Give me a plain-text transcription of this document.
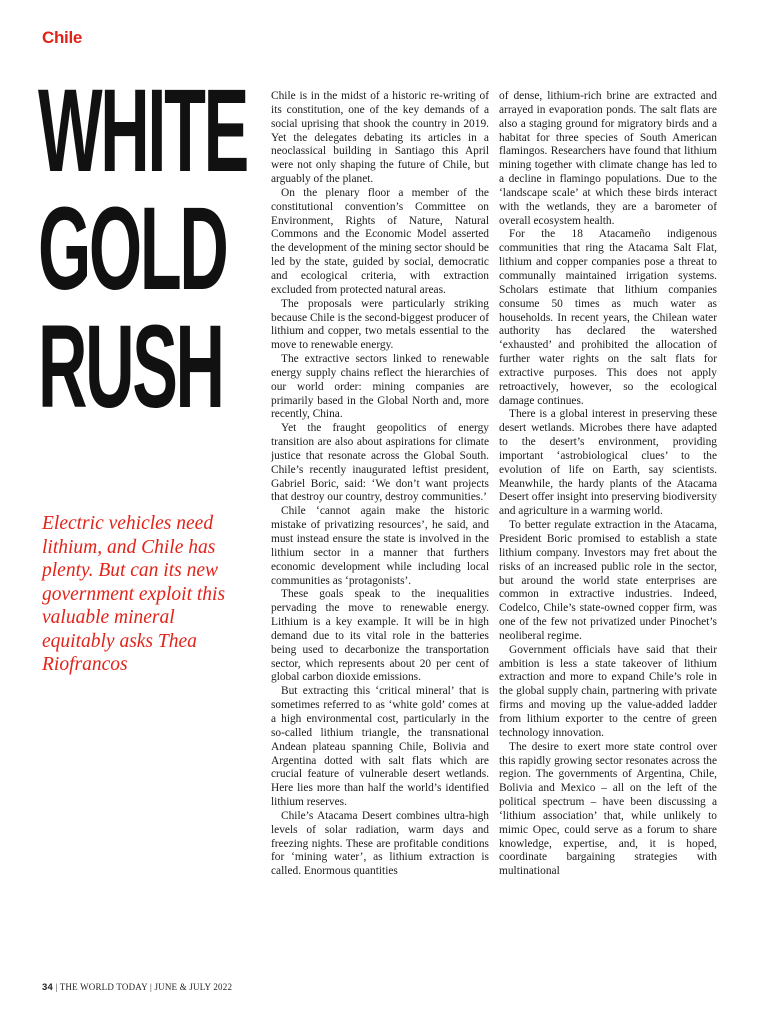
Chile
WHITE
GOLD
RUSH
Electric vehicles need lithium, and Chile has plenty. But can its new government exploit this valuable mineral equitably asks Thea Riofrancos

Chile is in the midst of a historic re-writing of its constitution, one of the key demands of a social uprising that shook the country in 2019. Yet the delegates debating its articles in a neoclassical building in Santiago this April were not only shaping the future of Chile, but arguably of the planet.

On the plenary floor a member of the constitutional convention’s Committee on Environment, Rights of Nature, Natural Commons and the Economic Model asserted the development of the mining sector should be led by the state, guided by social, democratic and ecological criteria, with extraction excluded from protected natural areas.

The proposals were particularly striking because Chile is the second-biggest producer of lithium and copper, two metals essential to the move to renewable energy.

The extractive sectors linked to renewable energy supply chains reflect the hierarchies of our world order: mining companies are primarily based in the Global North and, more recently, China.

Yet the fraught geopolitics of energy transition are also about aspirations for climate justice that resonate across the Global South. Chile’s recently inaugurated leftist president, Gabriel Boric, said: ‘We don’t want projects that destroy our country, destroy communities.’

Chile ‘cannot again make the historic mistake of privatizing resources’, he said, and must instead ensure the state is involved in the lithium sector in a manner that furthers economic development while including local communities as ‘protagonists’.

These goals speak to the inequalities pervading the move to renewable energy. Lithium is a key example. It will be in high demand due to its vital role in the batteries being used to decarbonize the transportation sector, which represents about 20 per cent of global carbon dioxide emissions.

But extracting this ‘critical mineral’ that is sometimes referred to as ‘white gold’ comes at a high environmental cost, particularly in the so-called lithium triangle, the transnational Andean plateau spanning Chile, Bolivia and Argentina dotted with salt flats which are crucial feature of vulnerable desert wetlands. Here lies more than half the world’s identified lithium reserves.

Chile’s Atacama Desert combines ultra-high levels of solar radiation, warm days and freezing nights. These are profitable conditions for ‘mining water’, as lithium extraction is called. Enormous quantities

of dense, lithium-rich brine are extracted and arrayed in evaporation ponds. The salt flats are also a staging ground for migratory birds and a habitat for three species of South American flamingos. Researchers have found that lithium mining together with climate change has led to a decline in flamingo populations. Due to the ‘landscape scale’ at which these birds interact with the wetlands, they are a barometer of overall ecosystem health.

For the 18 Atacameño indigenous communities that ring the Atacama Salt Flat, lithium and copper companies pose a threat to communally maintained irrigation systems. Scholars estimate that lithium companies consume 50 times as much water as households. In recent years, the Chilean water authority has declared the watershed ‘exhausted’ and prohibited the allocation of further water rights on the salt flats for extractive purposes. This does not apply retroactively, however, so the ecological damage continues.

There is a global interest in preserving these desert wetlands. Microbes there have adapted to the desert’s environment, providing important ‘astrobiological clues’ to the evolution of life on Earth, say scientists. Meanwhile, the hardy plants of the Atacama Desert offer insight into preserving biodiversity and agriculture in a warming world.

To better regulate extraction in the Atacama, President Boric promised to establish a state lithium company. Investors may fret about the risks of an increased public role in the sector, but around the world state enterprises are common in extractive industries. Indeed, Codelco, Chile’s state-owned copper firm, was one of the few not privatized under Pinochet’s neoliberal regime.

Government officials have said that their ambition is less a state takeover of lithium extraction and more to expand Chile’s role in the global supply chain, partnering with private firms and moving up the value-added ladder from lithium exporter to the centre of green technology innovation.

The desire to exert more state control over this rapidly growing sector resonates across the region. The governments of Argentina, Chile, Bolivia and Mexico – all on the left of the political spectrum – have been discussing a ‘lithium association’ that, while unlikely to mimic Opec, could serve as a forum to share knowledge, expertise, and, it is hoped, coordinate bargaining strategies with multinational

34 | THE WORLD TODAY | JUNE & JULY 2022
